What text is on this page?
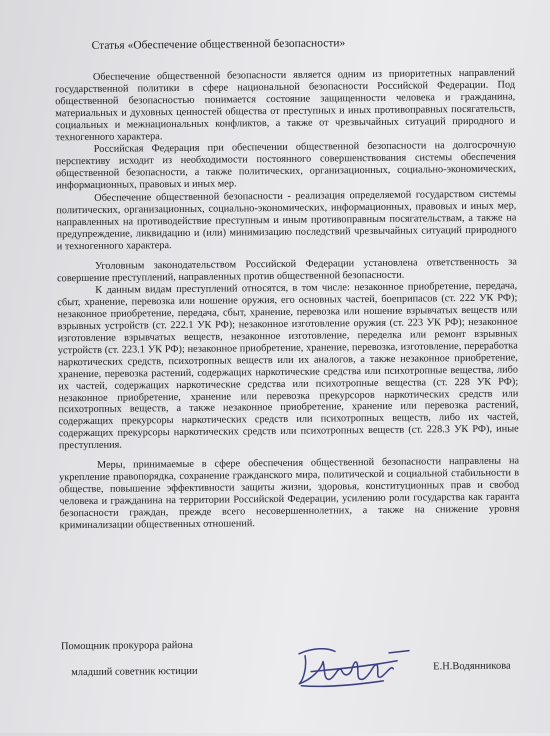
Статья «Обеспечение общественной безопасности»

Обеспечение общественной безопасности является одним из приоритетных направлений государственной политики в сфере национальной безопасности Российской Федерации. Под общественной безопасностью понимается состояние защищенности человека и гражданина, материальных и духовных ценностей общества от преступных и иных противоправных посягательств, социальных и межнациональных конфликтов, а также от чрезвычайных ситуаций природного и техногенного характера.

Российская Федерация при обеспечении общественной безопасности на долгосрочную перспективу исходит из необходимости постоянного совершенствования системы обеспечения общественной безопасности, а также политических, организационных, социально-экономических, информационных, правовых и иных мер.

Обеспечение общественной безопасности - реализация определяемой государством системы политических, организационных, социально-экономических, информационных, правовых и иных мер, направленных на противодействие преступным и иным противоправным посягательствам, а также на предупреждение, ликвидацию и (или) минимизацию последствий чрезвычайных ситуаций природного и техногенного характера.

Уголовным законодательством Российской Федерации установлена ответственность за совершение преступлений, направленных против общественной безопасности.

К данным видам преступлений относятся, в том числе: незаконное приобретение, передача, сбыт, хранение, перевозка или ношение оружия, его основных частей, боеприпасов (ст. 222 УК РФ); незаконное приобретение, передача, сбыт, хранение, перевозка или ношение взрывчатых веществ или взрывных устройств (ст. 222.1 УК РФ); незаконное изготовление оружия (ст. 223 УК РФ); незаконное изготовление взрывчатых веществ, незаконное изготовление, переделка или ремонт взрывных устройств (ст. 223.1 УК РФ); незаконное приобретение, хранение, перевозка, изготовление, переработка наркотических средств, психотропных веществ или их аналогов, а также незаконное приобретение, хранение, перевозка растений, содержащих наркотические средства или психотропные вещества, либо их частей, содержащих наркотические средства или психотропные вещества (ст. 228 УК РФ); незаконное приобретение, хранение или перевозка прекурсоров наркотических средств или психотропных веществ, а также незаконное приобретение, хранение или перевозка растений, содержащих прекурсоры наркотических средств или психотропных веществ, либо их частей, содержащих прекурсоры наркотических средств или психотропных веществ (ст. 228.3 УК РФ), иные преступления.

Меры, принимаемые в сфере обеспечения общественной безопасности направлены на укрепление правопорядка, сохранение гражданского мира, политической и социальной стабильности в обществе, повышение эффективности защиты жизни, здоровья, конституционных прав и свобод человека и гражданина на территории Российской Федерации, усилению роли государства как гаранта безопасности граждан, прежде всего несовершеннолетних, а также на снижение уровня криминализации общественных отношений.

Помощник прокурора района
младший советник юстиции	Е.Н.Водянникова
